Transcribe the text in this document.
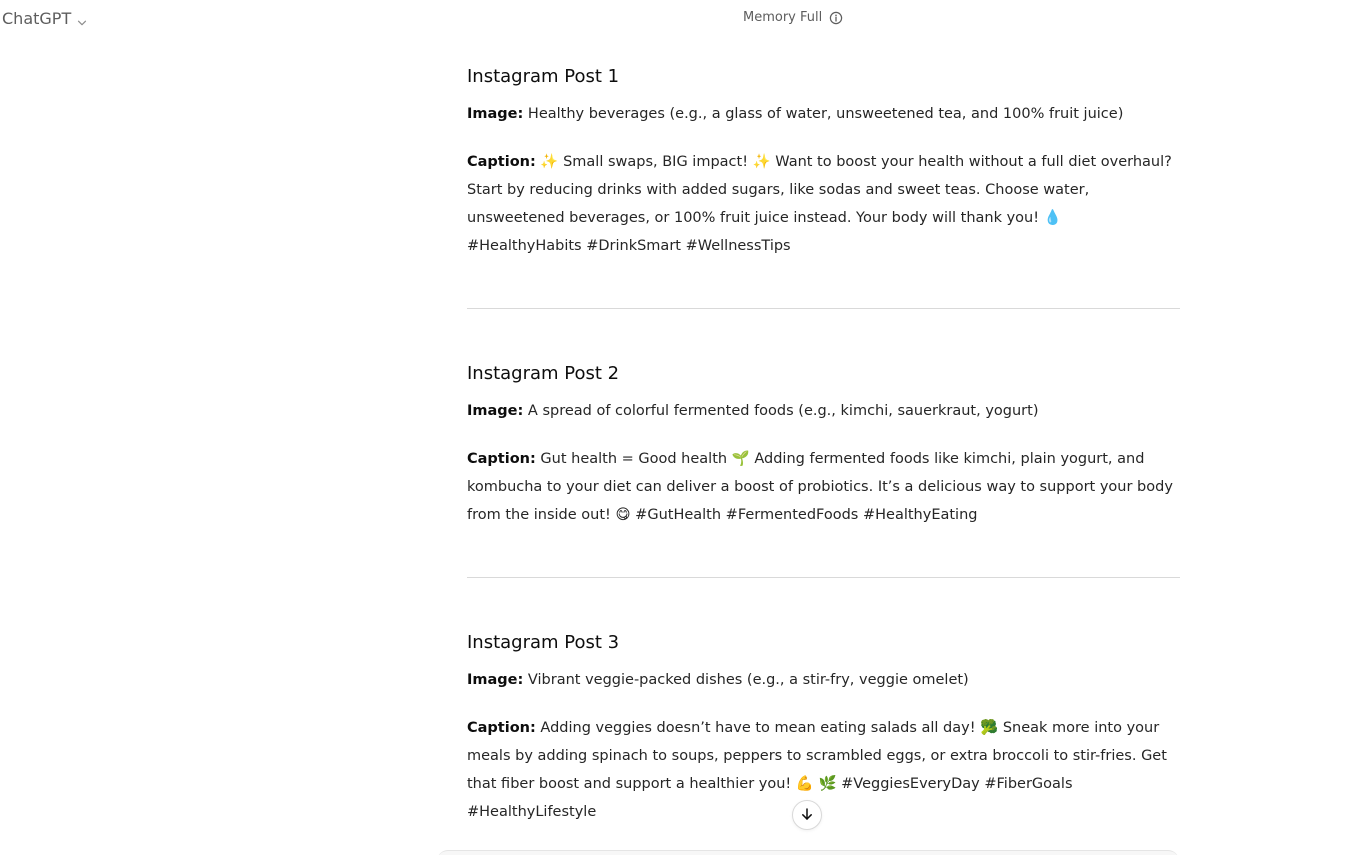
ChatGPT	Memory Full
Instagram Post 1

Image: Healthy beverages (e.g., a glass of water, unsweetened tea, and 100% fruit juice)

Caption: ✨ Small swaps, BIG impact! ✨ Want to boost your health without a full diet overhaul? Start by reducing drinks with added sugars, like sodas and sweet teas. Choose water, unsweetened beverages, or 100% fruit juice instead. Your body will thank you! 💧 #HealthyHabits #DrinkSmart #WellnessTips

Instagram Post 2

Image: A spread of colorful fermented foods (e.g., kimchi, sauerkraut, yogurt)

Caption: Gut health = Good health 🌱 Adding fermented foods like kimchi, plain yogurt, and kombucha to your diet can deliver a boost of probiotics. It’s a delicious way to support your body from the inside out! 😋 #GutHealth #FermentedFoods #HealthyEating

Instagram Post 3

Image: Vibrant veggie-packed dishes (e.g., a stir-fry, veggie omelet)

Caption: Adding veggies doesn’t have to mean eating salads all day! 🥦 Sneak more into your meals by adding spinach to soups, peppers to scrambled eggs, or extra broccoli to stir-fries. Get that fiber boost and support a healthier you! 💪 🌿 #VeggiesEveryDay #FiberGoals #HealthyLifestyle
